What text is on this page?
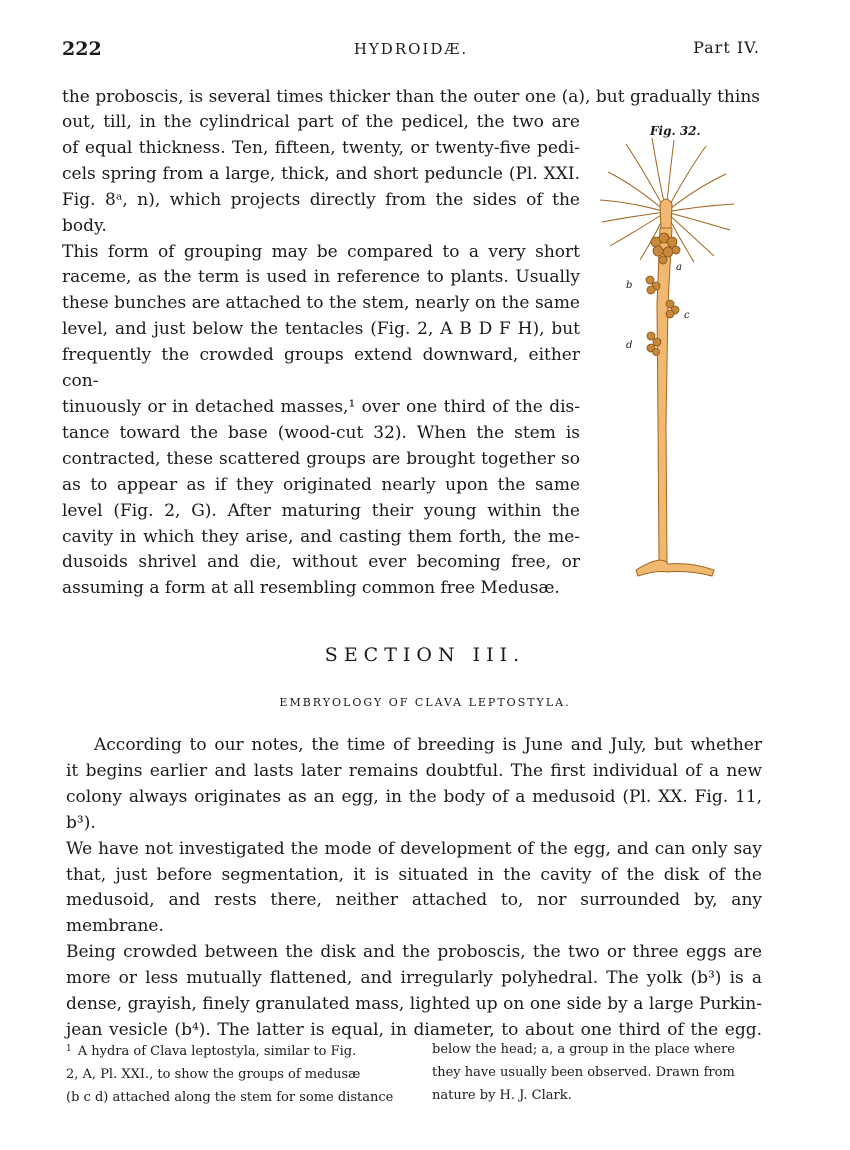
222	HYDROIDÆ.	Part IV.
the proboscis, is several times thicker than the outer one (a), but gradually thins
out, till, in the cylindrical part of the pedicel, the two are
of equal thickness. Ten, fifteen, twenty, or twenty-five pedi-
cels spring from a large, thick, and short peduncle (Pl. XXI.
Fig. 8ᵃ, n), which projects directly from the sides of the body.
This form of grouping may be compared to a very short
raceme, as the term is used in reference to plants. Usually
these bunches are attached to the stem, nearly on the same
level, and just below the tentacles (Fig. 2, A B D F H), but
frequently the crowded groups extend downward, either con-
tinuously or in detached masses,¹ over one third of the dis-
tance toward the base (wood-cut 32). When the stem is
contracted, these scattered groups are brought together so
as to appear as if they originated nearly upon the same
level (Fig. 2, G). After maturing their young within the
cavity in which they arise, and casting them forth, the me-
dusoids shrivel and die, without ever becoming free, or
assuming a form at all resembling common free Medusæ.
Fig. 32.
a
b
c
d
SECTION III.
EMBRYOLOGY OF CLAVA LEPTOSTYLA.
According to our notes, the time of breeding is June and July, but whether
it begins earlier and lasts later remains doubtful. The first individual of a new
colony always originates as an egg, in the body of a medusoid (Pl. XX. Fig. 11, b³).
We have not investigated the mode of development of the egg, and can only say
that, just before segmentation, it is situated in the cavity of the disk of the
medusoid, and rests there, neither attached to, nor surrounded by, any membrane.
Being crowded between the disk and the proboscis, the two or three eggs are
more or less mutually flattened, and irregularly polyhedral. The yolk (b³) is a
dense, grayish, finely granulated mass, lighted up on one side by a large Purkin-
jean vesicle (b⁴). The latter is equal, in diameter, to about one third of the egg.
$^1$ A hydra of Clava leptostyla, similar to Fig.
2, A, Pl. XXI., to show the groups of medusæ
(b c d) attached along the stem for some distance
below the head; a, a group in the place where
they have usually been observed. Drawn from
nature by H. J. Clark.
